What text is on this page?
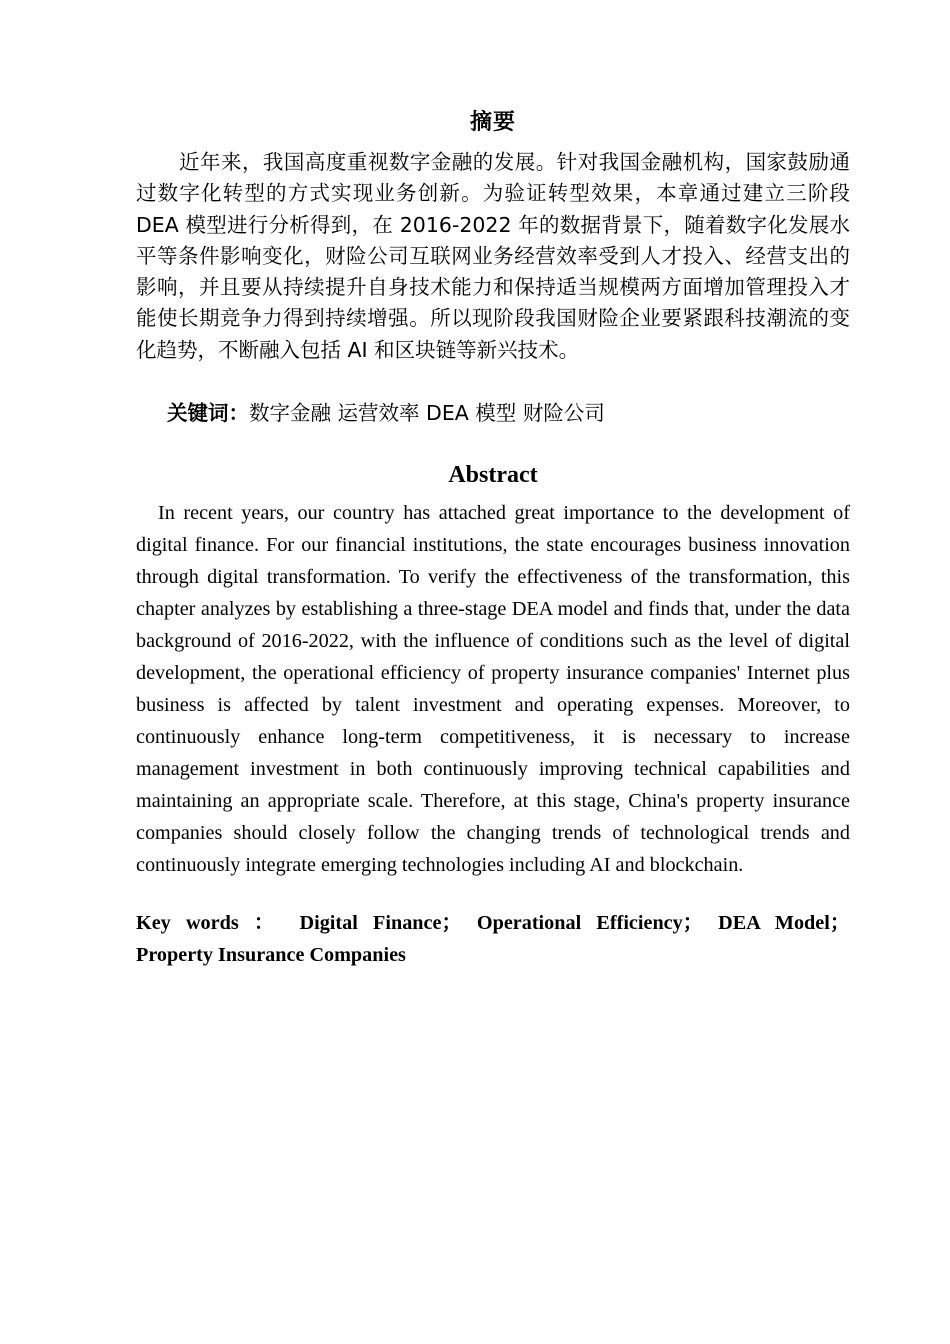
摘要

近年来，我国高度重视数字金融的发展。针对我国金融机构，国家鼓励通过数字化转型的方式实现业务创新。为验证转型效果，本章通过建立三阶段 DEA 模型进行分析得到，在 2016-2022 年的数据背景下，随着数字化发展水平等条件影响变化，财险公司互联网业务经营效率受到人才投入、经营支出的影响，并且要从持续提升自身技术能力和保持适当规模两方面增加管理投入才能使长期竞争力得到持续增强。所以现阶段我国财险企业要紧跟科技潮流的变化趋势，不断融入包括 AI 和区块链等新兴技术。

关键词：数字金融 运营效率 DEA 模型 财险公司

Abstract

In recent years, our country has attached great importance to the development of digital finance. For our financial institutions, the state encourages business innovation through digital transformation. To verify the effectiveness of the transformation, this chapter analyzes by establishing a three-stage DEA model and finds that, under the data background of 2016-2022, with the influence of conditions such as the level of digital development, the operational efficiency of property insurance companies' Internet plus business is affected by talent investment and operating expenses. Moreover, to continuously enhance long-term competitiveness, it is necessary to increase management investment in both continuously improving technical capabilities and maintaining an appropriate scale. Therefore, at this stage, China's property insurance companies should closely follow the changing trends of technological trends and continuously integrate emerging technologies including AI and blockchain.

Key words ： Digital Finance； Operational Efficiency； DEA Model； Property Insurance Companies
